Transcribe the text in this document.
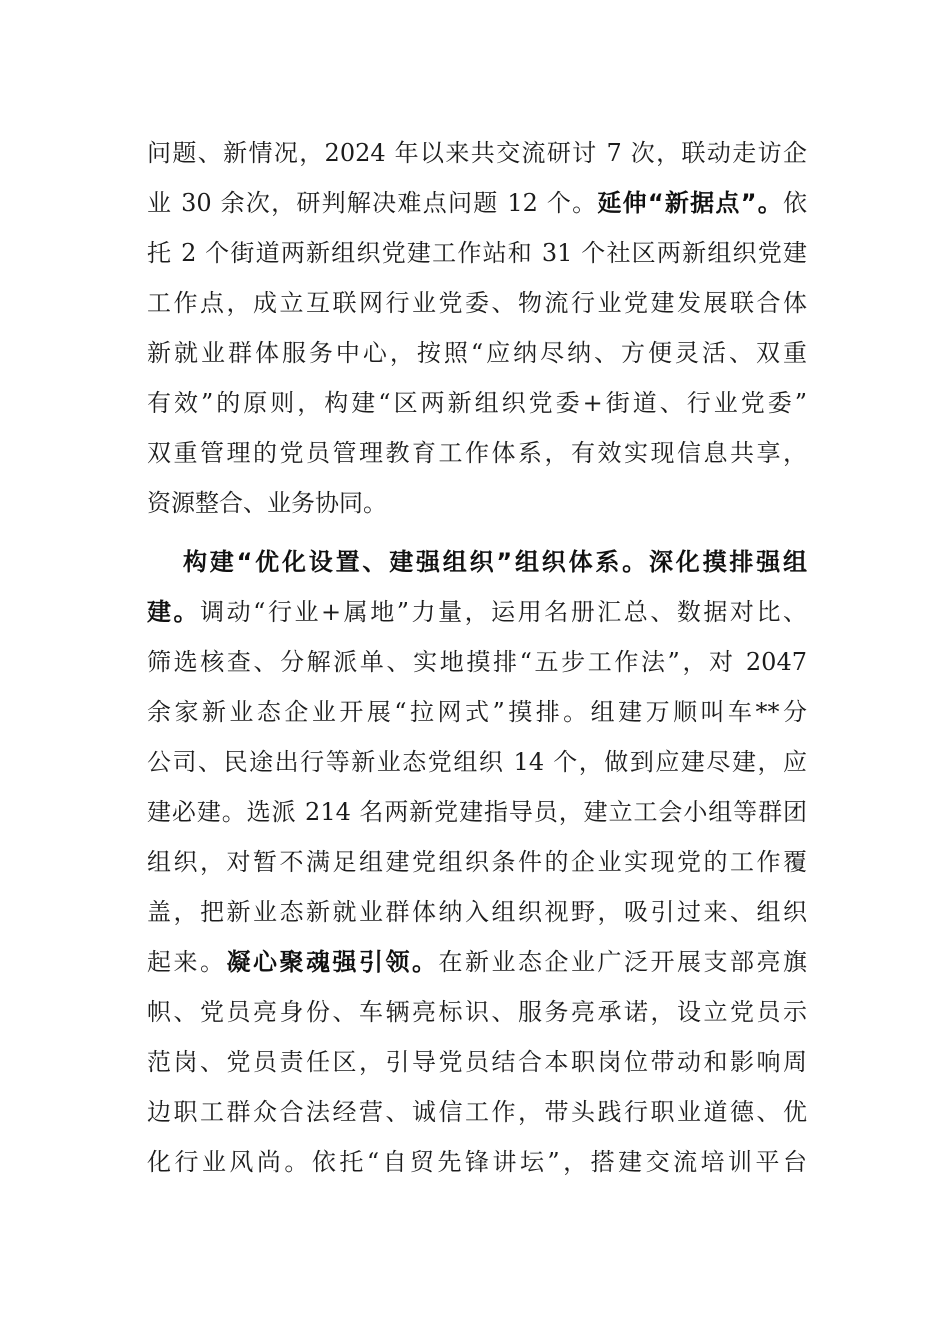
问题、新情况，2024 年以来共交流研讨 7 次，联动走访企
业 30 余次，研判解决难点问题 12 个。延伸“新据点”。依
托 2 个街道两新组织党建工作站和 31 个社区两新组织党建
工作点，成立互联网行业党委、物流行业党建发展联合体
新就业群体服务中心，按照“应纳尽纳、方便灵活、双重
有效”的原则，构建“区两新组织党委+街道、行业党委”
双重管理的党员管理教育工作体系，有效实现信息共享，
资源整合、业务协同。
构建“优化设置、建强组织”组织体系。深化摸排强组
建。调动“行业+属地”力量，运用名册汇总、数据对比、
筛选核查、分解派单、实地摸排“五步工作法”，对 2047
余家新业态企业开展“拉网式”摸排。组建万顺叫车**分
公司、民途出行等新业态党组织 14 个，做到应建尽建，应
建必建。选派 214 名两新党建指导员，建立工会小组等群团
组织，对暂不满足组建党组织条件的企业实现党的工作覆
盖，把新业态新就业群体纳入组织视野，吸引过来、组织
起来。凝心聚魂强引领。在新业态企业广泛开展支部亮旗
帜、党员亮身份、车辆亮标识、服务亮承诺，设立党员示
范岗、党员责任区，引导党员结合本职岗位带动和影响周
边职工群众合法经营、诚信工作，带头践行职业道德、优
化行业风尚。依托“自贸先锋讲坛”，搭建交流培训平台
